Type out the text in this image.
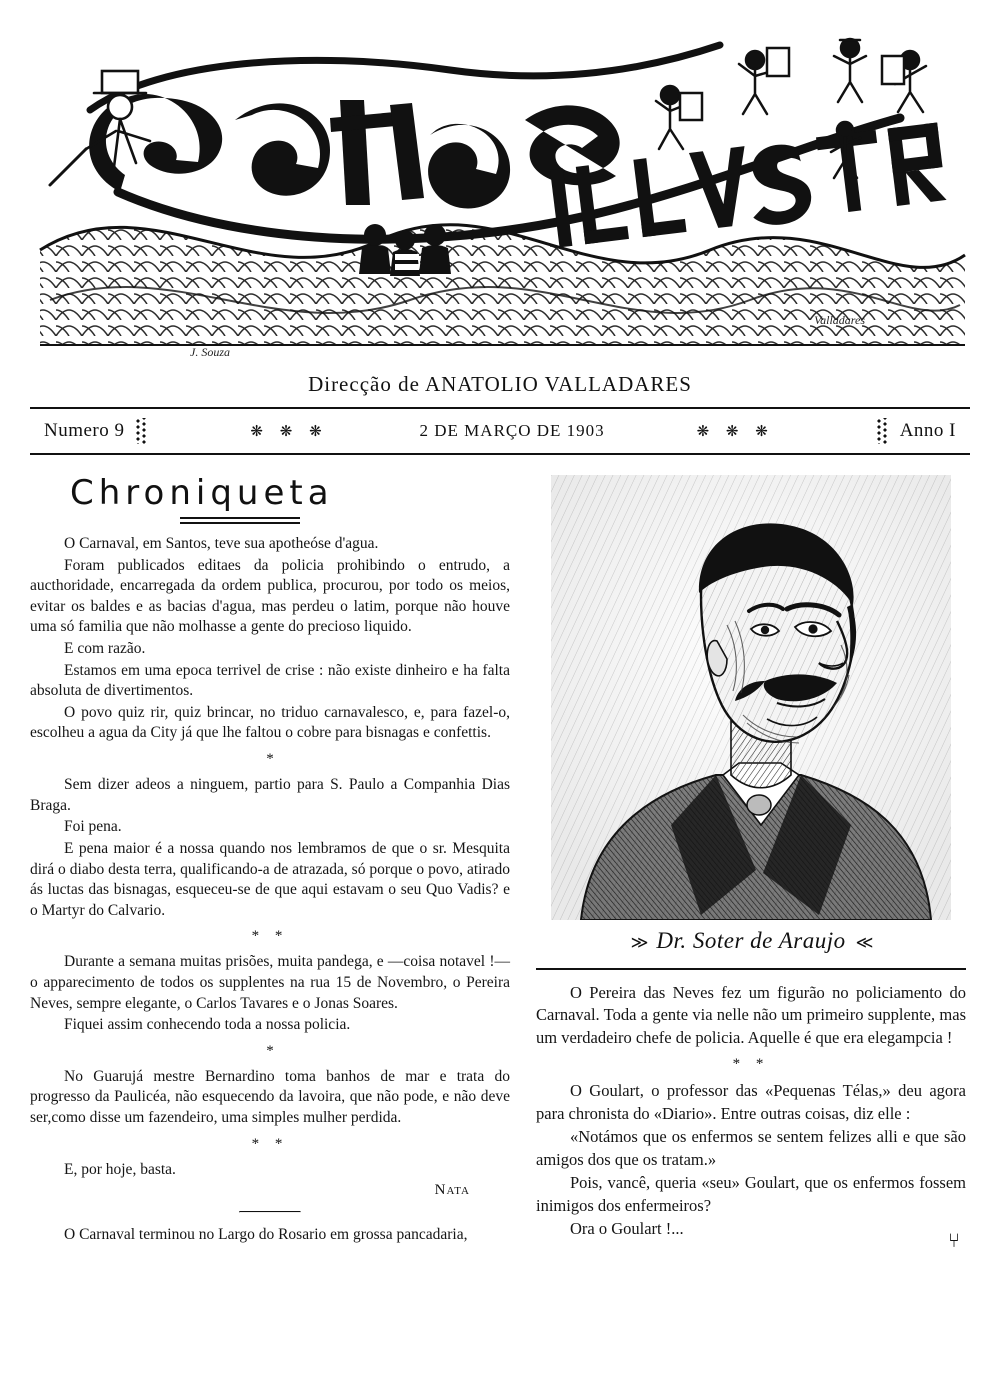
J. Souza
Valladares
Direcção de ANATOLIO VALLADARES
Numero 9	❋ ❋ ❋	2 DE MARÇO DE 1903	❋ ❋ ❋	Anno I
Chroniqueta

O Carnaval, em Santos, teve sua apotheóse d'agua.

Foram publicados editaes da policia prohibindo o entrudo, a aucthoridade, encarregada da ordem publica, procurou, por todo os meios, evitar os baldes e as bacias d'agua, mas perdeu o latim, porque não houve uma só familia que não molhasse a gente do precioso liquido.

E com razão.

Estamos em uma epoca terrivel de crise : não existe dinheiro e ha falta absoluta de divertimentos.

O povo quiz rir, quiz brincar, no triduo carnavalesco, e, para fazel-o, escolheu a agua da City já que lhe faltou o cobre para bisnagas e confettis.

*

Sem dizer adeos a ninguem, partio para S. Paulo a Companhia Dias Braga.

Foi pena.

E pena maior é a nossa quando nos lembramos de que o sr. Mesquita dirá o diabo desta terra, qualificando-a de atrazada, só porque o povo, atirado ás luctas das bisnagas, esqueceu-se de que aqui estavam o seu Quo Vadis? e o Martyr do Calvario.

* *

Durante a semana muitas prisões, muita pandega, e —coisa notavel !—o apparecimento de todos os supplentes na rua 15 de Novembro, o Pereira Neves, sempre elegante, o Carlos Tavares e o Jonas Soares.

Fiquei assim conhecendo toda a nossa policia.

*

No Guarujá mestre Bernardino toma banhos de mar e trata do progresso da Paulicéa, não esquecendo da lavoira, que não pode, e não deve ser,como disse um fazendeiro, uma simples mulher perdida.

* *

E, por hoje, basta.

Nata

O Carnaval terminou no Largo do Rosario em grossa pancadaria,

≫ Dr. Soter de Araujo ≪

O Pereira das Neves fez um figurão no policiamento do Carnaval. Toda a gente via nelle não um primeiro supplente, mas um verdadeiro chefe de policia. Aquelle é que era elegampcia !

* *

O Goulart, o professor das «Pequenas Télas,» deu agora para chronista do «Diario». Entre outras coisas, diz elle :

«Notámos que os enfermos se sentem felizes alli e que são amigos dos que os tratam.»

Pois, vancê, queria «seu» Goulart, que os enfermos fossem inimigos dos enfermeiros?

Ora o Goulart !...

⑂
